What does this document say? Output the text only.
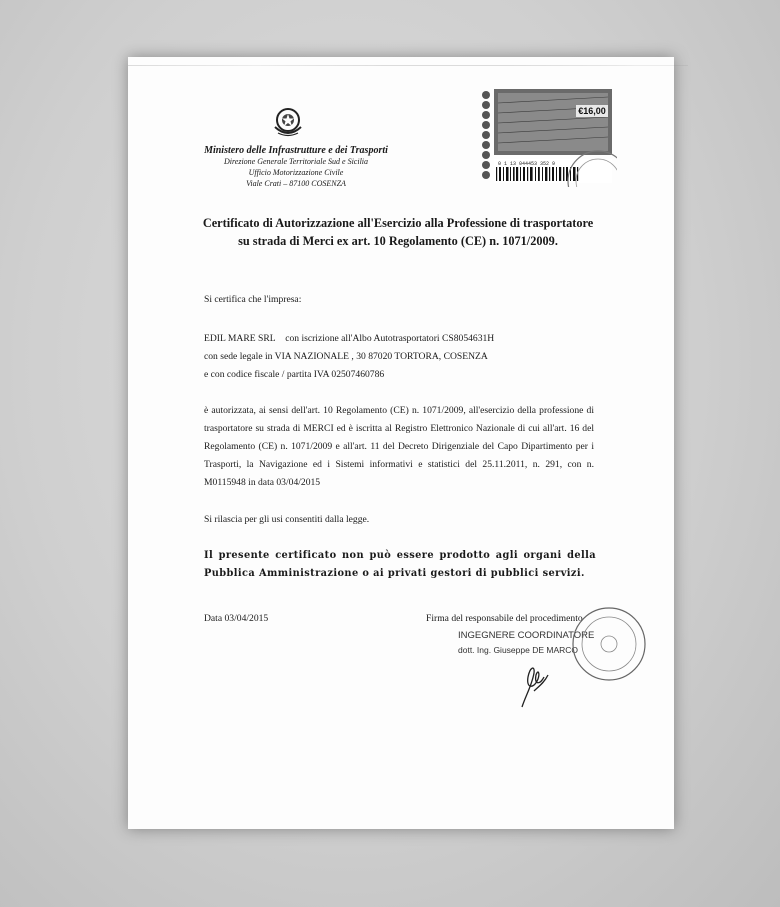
Ministero delle Infrastrutture e dei Trasporti
Direzione Generale Territoriale Sud e Sicilia
Ufficio Motorizzazione Civile
Viale Crati – 87100 COSENZA
€16,00
0 1 13 044453 352 9
Certificato di Autorizzazione all'Esercizio alla Professione di trasportatore
su strada di Merci ex art. 10 Regolamento (CE) n. 1071/2009.
Si certifica che l'impresa:
EDIL MARE SRL con iscrizione all'Albo Autotrasportatori CS8054631H
con sede legale in VIA NAZIONALE , 30 87020 TORTORA, COSENZA
e con codice fiscale / partita IVA 02507460786
è autorizzata, ai sensi dell'art. 10 Regolamento (CE) n. 1071/2009, all'esercizio della professione di trasportatore su strada di MERCI ed è iscritta al Registro Elettronico Nazionale di cui all'art. 16 del Regolamento (CE) n. 1071/2009 e all'art. 11 del Decreto Dirigenziale del Capo Dipartimento per i Trasporti, la Navigazione ed i Sistemi informativi e statistici del 25.11.2011, n. 291, con n. M0115948 in data 03/04/2015
Si rilascia per gli usi consentiti dalla legge.
Il presente certificato non può essere prodotto agli organi della Pubblica Amministrazione o ai privati gestori di pubblici servizi.
Data 03/04/2015	Firma del responsabile del procedimento
INGEGNERE COORDINATORE
dott. Ing. Giuseppe DE MARCO
